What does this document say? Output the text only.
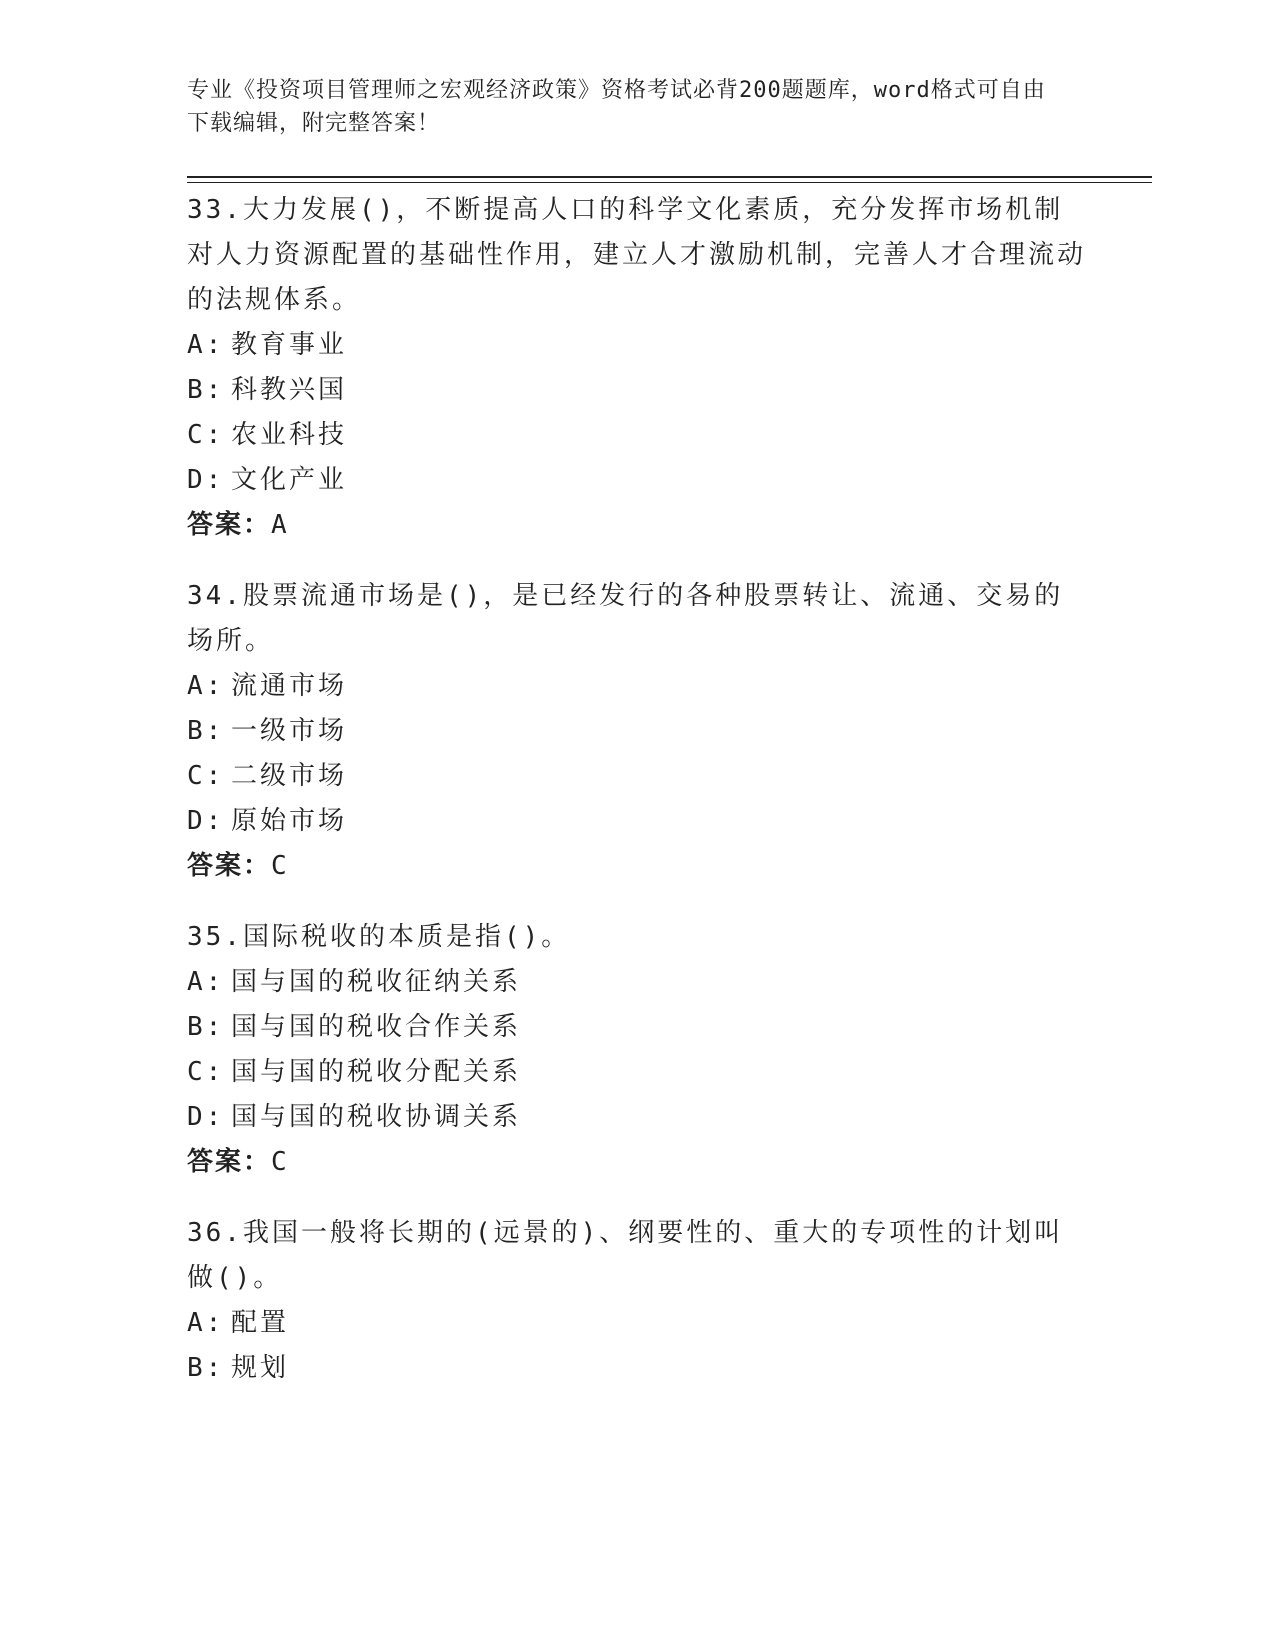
专业《投资项目管理师之宏观经济政策》资格考试必背200题题库，word格式可自由下载编辑，附完整答案！

33.大力发展()，不断提高人口的科学文化素质，充分发挥市场机制对人力资源配置的基础性作用，建立人才激励机制，完善人才合理流动的法规体系。

A: 教育事业
B: 科教兴国
C: 农业科技
D: 文化产业

答案：A

34.股票流通市场是()，是已经发行的各种股票转让、流通、交易的场所。

A: 流通市场
B: 一级市场
C: 二级市场
D: 原始市场

答案：C

35.国际税收的本质是指()。

A: 国与国的税收征纳关系
B: 国与国的税收合作关系
C: 国与国的税收分配关系
D: 国与国的税收协调关系

答案：C

36.我国一般将长期的(远景的)、纲要性的、重大的专项性的计划叫做()。

A: 配置
B: 规划
